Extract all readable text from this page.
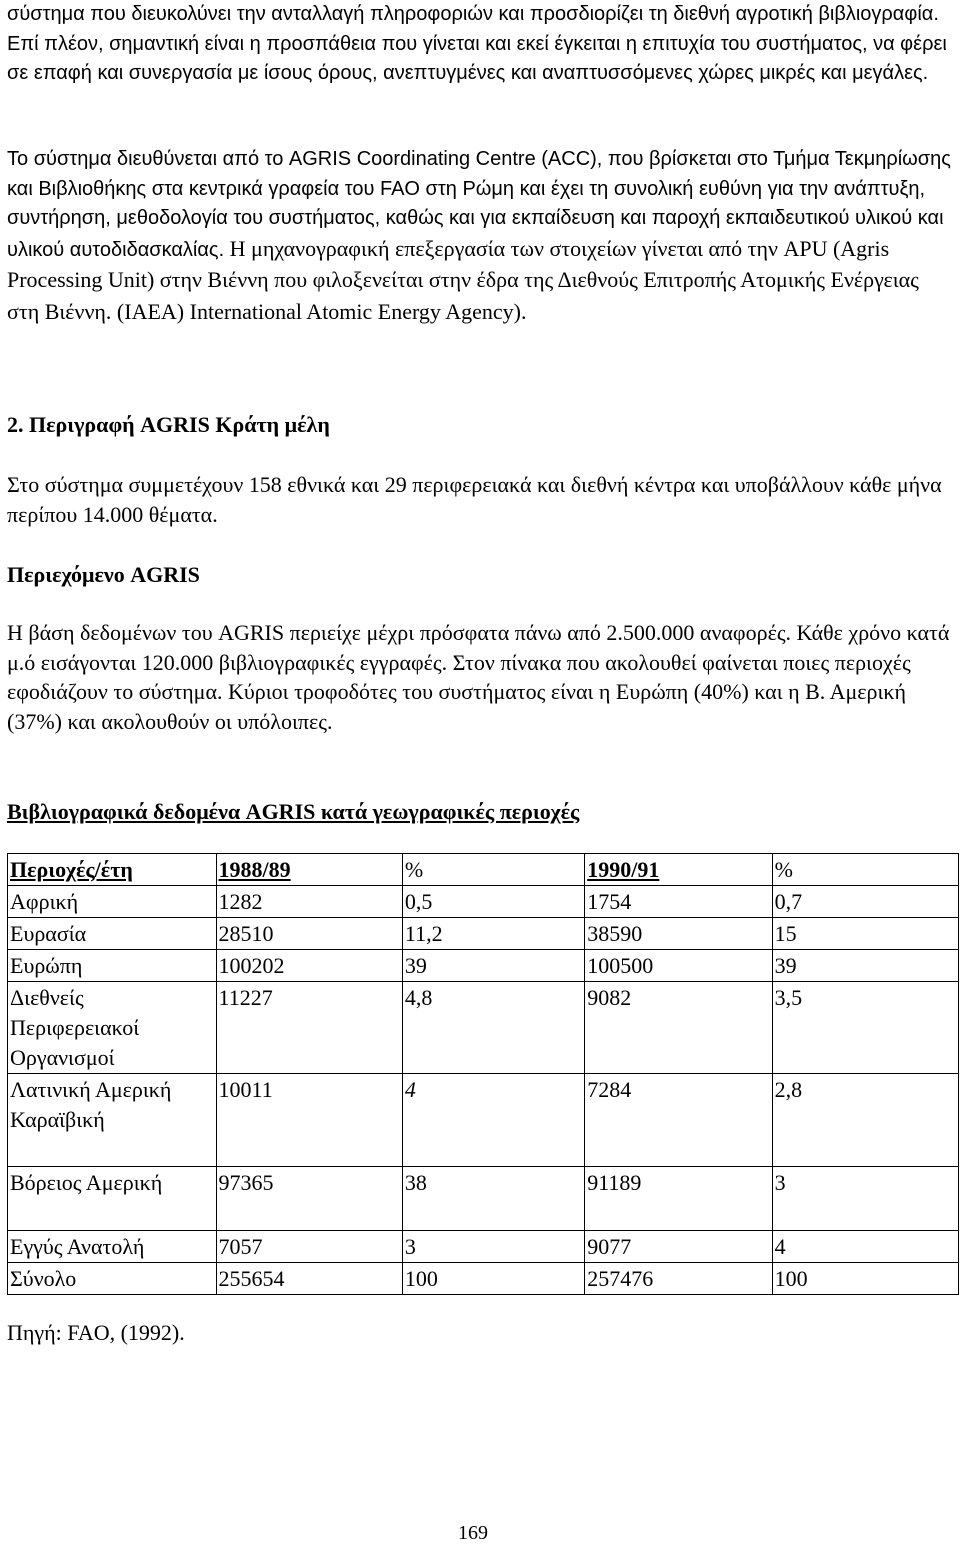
σύστημα που διευκολύνει την ανταλλαγή πληροφοριών και προσδιορίζει τη διεθνή αγροτική βιβλιογραφία. Επί πλέον, σημαντική είναι η προσπάθεια που γίνεται και εκεί έγκειται η επιτυχία του συστήματος, να φέρει σε επαφή και συνεργασία με ίσους όρους, ανεπτυγμένες και αναπτυσσόμενες χώρες μικρές και μεγάλες.

Το σύστημα διευθύνεται από το AGRIS Coordinating Centre (ACC), που βρίσκεται στο Τμήμα Τεκμηρίωσης και Βιβλιοθήκης στα κεντρικά γραφεία του FAO στη Ρώμη και έχει τη συνολική ευθύνη για την ανάπτυξη, συντήρηση, μεθοδολογία του συστήματος, καθώς και για εκπαίδευση και παροχή εκπαιδευτικού υλικού και υλικού αυτοδιδασκαλίας. Η μηχανογραφική επεξεργασία των στοιχείων γίνεται από την APU (Agris Processing Unit) στην Βιέννη που φιλοξενείται στην έδρα της Διεθνούς Επιτροπής Ατομικής Ενέργειας στη Βιέννη. (IAEA) International Atomic Energy Agency).

2. Περιγραφή AGRIS Κράτη μέλη

Στο σύστημα συμμετέχουν 158 εθνικά και 29 περιφερειακά και διεθνή κέντρα και υποβάλλουν κάθε μήνα περίπου 14.000 θέματα.

Περιεχόμενο AGRIS

Η βάση δεδομένων του AGRIS περιείχε μέχρι πρόσφατα πάνω από 2.500.000 αναφορές. Κάθε χρόνο κατά μ.ό εισάγονται 120.000 βιβλιογραφικές εγγραφές. Στον πίνακα που ακολουθεί φαίνεται ποιες περιοχές εφοδιάζουν το σύστημα. Κύριοι τροφοδότες του συστήματος είναι η Ευρώπη (40%) και η Β. Αμερική (37%) και ακολουθούν οι υπόλοιπες.

Βιβλιογραφικά δεδομένα AGRIS κατά γεωγραφικές περιοχές

Περιοχές/έτη	1988/89	%	1990/91	%
Αφρική	1282	0,5	1754	0,7
Ευρασία	28510	11,2	38590	15
Ευρώπη	100202	39	100500	39
Διεθνείς Περιφερειακοί Οργανισμοί	11227	4,8	9082	3,5
Λατινική Αμερική Καραϊβική	10011	4	7284	2,8
Βόρειος Αμερική	97365	38	91189	3
Εγγύς Ανατολή	7057	3	9077	4
Σύνολο	255654	100	257476	100

Πηγή: FAO, (1992).

169
